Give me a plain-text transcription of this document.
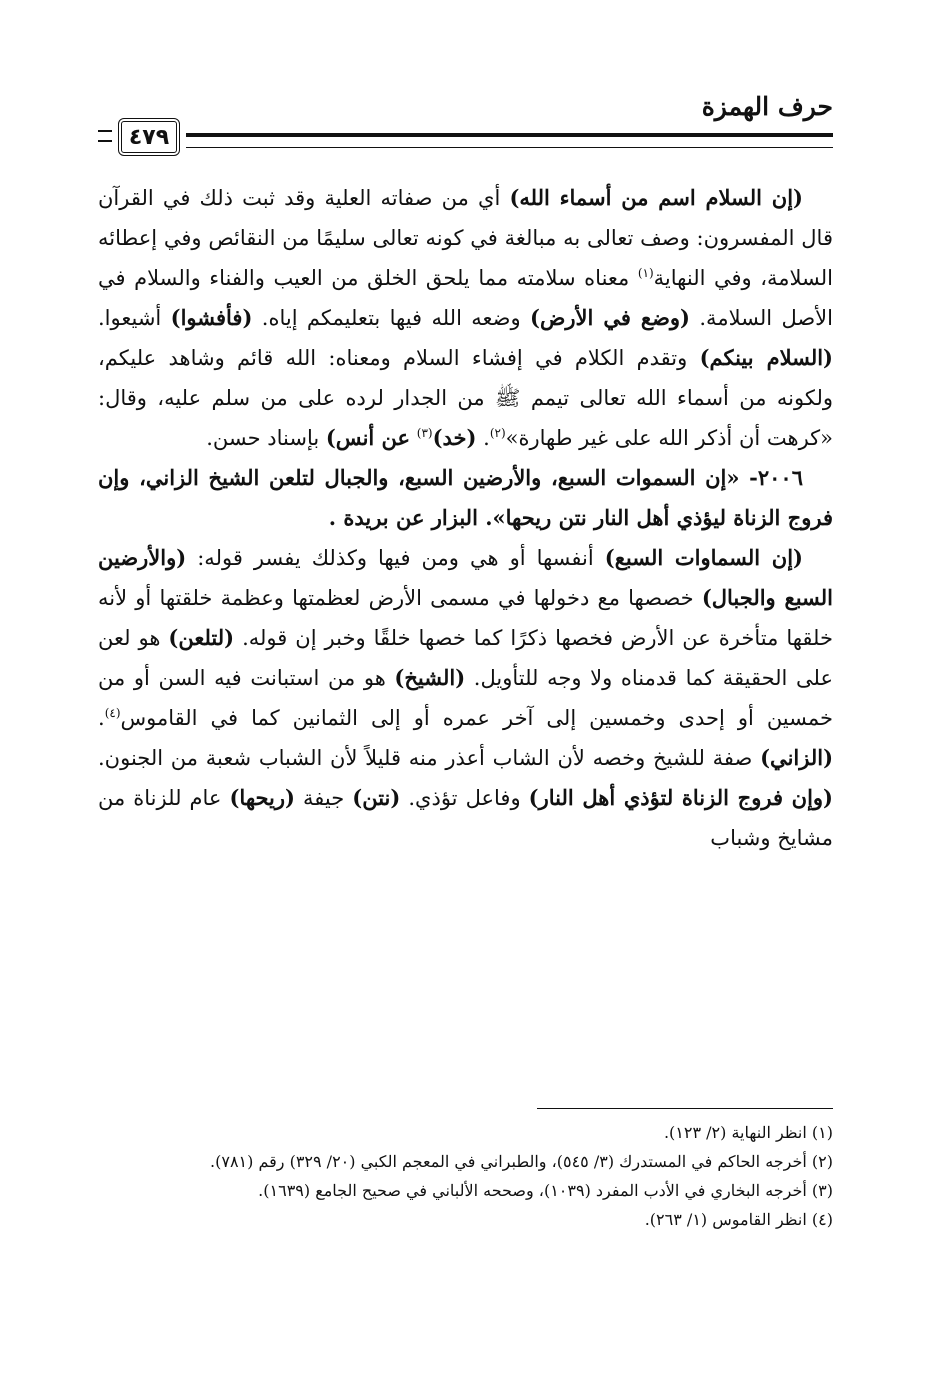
حرف الهمزة
٤٧٩

(إن السلام اسم من أسماء الله) أي من صفاته العلية وقد ثبت ذلك في القرآن قال المفسرون: وصف تعالى به مبالغة في كونه تعالى سليمًا من النقائص وفي إعطائه السلامة، وفي النهاية$^{(١)}$ معناه سلامته مما يلحق الخلق من العيب والفناء والسلام في الأصل السلامة. (وضع في الأرض) وضعه الله فيها بتعليمكم إياه. (فأفشوا) أشيعوا. (السلام بينكم) وتقدم الكلام في إفشاء السلام ومعناه: الله قائم وشاهد عليكم، ولكونه من أسماء الله تعالى تيمم ﷺ من الجدار لرده على من سلم عليه، وقال: «كرهت أن أذكر الله على غير طهارة»$^{(٢)}$. (خد)$^{(٣)}$ عن أنس) بإسناد حسن.

٢٠٠٦- «إن السموات السبع، والأرضين السبع، والجبال لتلعن الشيخ الزاني، وإن فروج الزناة ليؤذي أهل النار نتن ريحها». البزار عن بريدة .

(إن السماوات السبع) أنفسها أو هي ومن فيها وكذلك يفسر قوله: (والأرضين السبع والجبال) خصصها مع دخولها في مسمى الأرض لعظمتها وعظمة خلقتها أو لأنه خلقها متأخرة عن الأرض فخصها ذكرًا كما خصها خلقًا وخبر إن قوله. (لتلعن) هو لعن على الحقيقة كما قدمناه ولا وجه للتأويل. (الشيخ) هو من استبانت فيه السن أو من خمسين أو إحدى وخمسين إلى آخر عمره أو إلى الثمانين كما في القاموس$^{(٤)}$. (الزاني) صفة للشيخ وخصه لأن الشاب أعذر منه قليلاً لأن الشباب شعبة من الجنون. (وإن فروج الزناة لتؤذي أهل النار) وفاعل تؤذي. (نتن) جيفة (ريحها) عام للزناة من مشايخ وشباب

(١) انظر النهاية (٢/ ١٢٣).

(٢) أخرجه الحاكم في المستدرك (٣/ ٥٤٥)، والطبراني في المعجم الكبي (٢٠/ ٣٢٩) رقم (٧٨١).

(٣) أخرجه البخاري في الأدب المفرد (١٠٣٩)، وصححه الألباني في صحيح الجامع (١٦٣٩).

(٤) انظر القاموس (١/ ٢٦٣).
